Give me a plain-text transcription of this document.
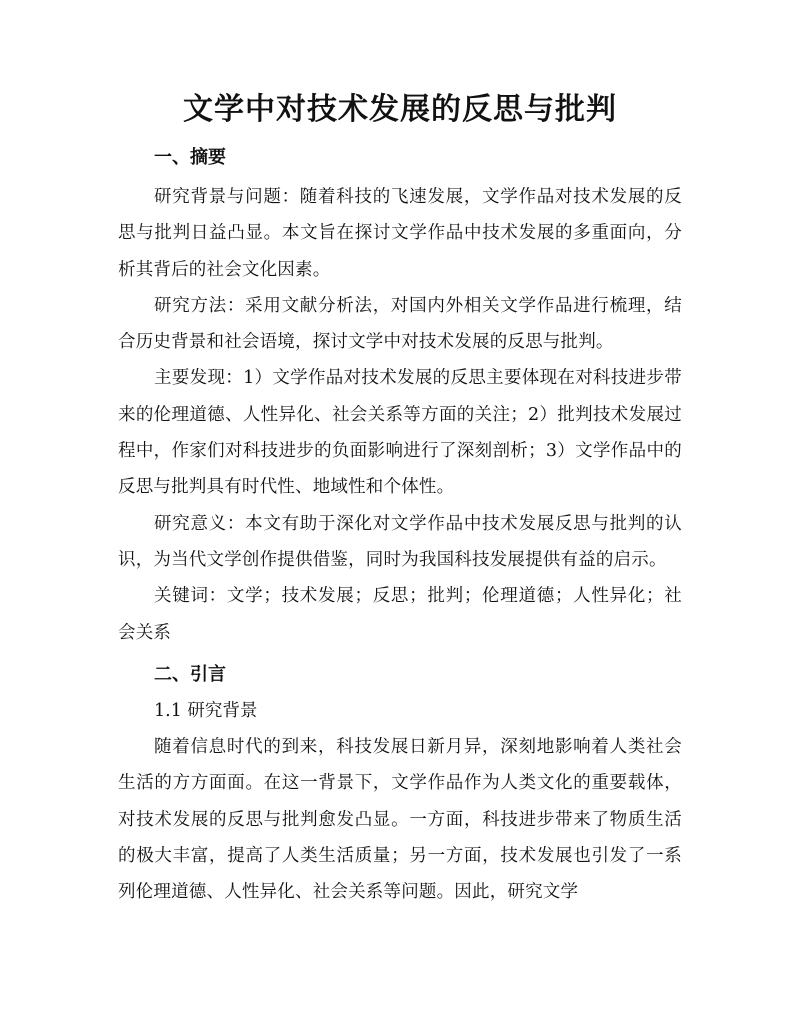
文学中对技术发展的反思与批判
一、摘要

研究背景与问题：随着科技的飞速发展，文学作品对技术发展的反思与批判日益凸显。本文旨在探讨文学作品中技术发展的多重面向，分析其背后的社会文化因素。

研究方法：采用文献分析法，对国内外相关文学作品进行梳理，结合历史背景和社会语境，探讨文学中对技术发展的反思与批判。

主要发现：1）文学作品对技术发展的反思主要体现在对科技进步带来的伦理道德、人性异化、社会关系等方面的关注；2）批判技术发展过程中，作家们对科技进步的负面影响进行了深刻剖析；3）文学作品中的反思与批判具有时代性、地域性和个体性。

研究意义：本文有助于深化对文学作品中技术发展反思与批判的认识，为当代文学创作提供借鉴，同时为我国科技发展提供有益的启示。

关键词：文学；技术发展；反思；批判；伦理道德；人性异化；社会关系

二、引言

1.1 研究背景

随着信息时代的到来，科技发展日新月异，深刻地影响着人类社会生活的方方面面。在这一背景下，文学作品作为人类文化的重要载体，对技术发展的反思与批判愈发凸显。一方面，科技进步带来了物质生活的极大丰富，提高了人类生活质量；另一方面，技术发展也引发了一系列伦理道德、人性异化、社会关系等问题。因此，研究文学
